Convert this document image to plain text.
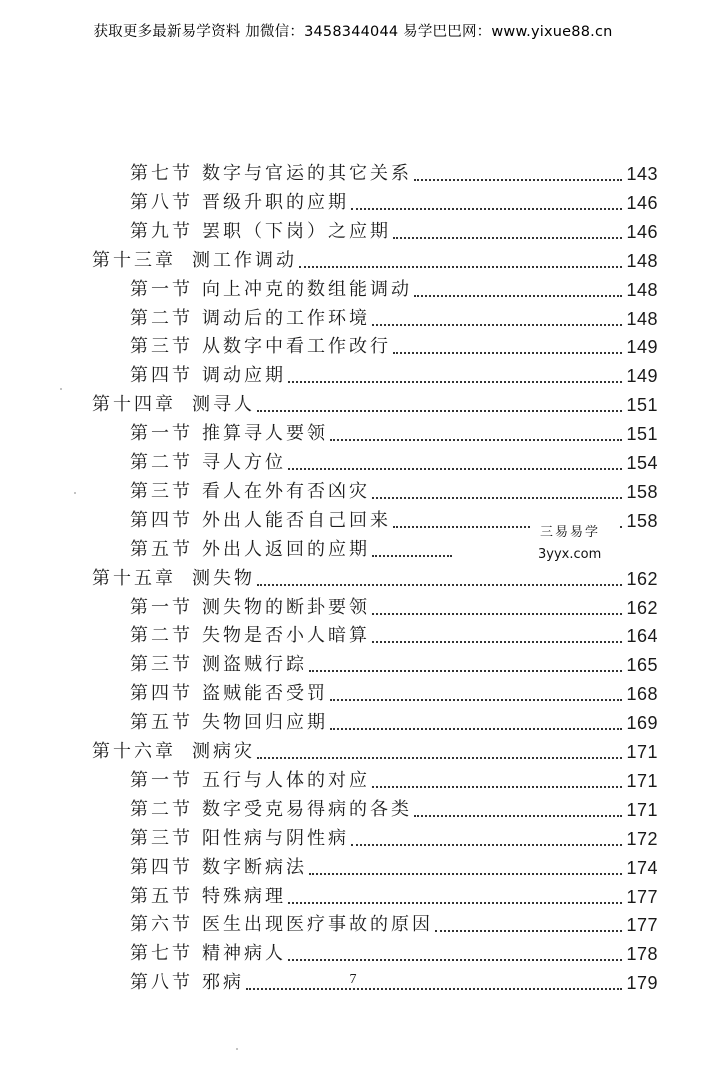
获取更多最新易学资料 加微信：3458344044 易学巴巴网：www.yixue88.cn
第七节 数字与官运的其它关系	143
第八节 晋级升职的应期	146
第九节 罢职（下岗）之应期	146
第十三章 测工作调动	148
第一节 向上冲克的数组能调动	148
第二节 调动后的工作环境	148
第三节 从数字中看工作改行	149
第四节 调动应期	149
第十四章 测寻人	151
第一节 推算寻人要领	151
第二节 寻人方位	154
第三节 看人在外有否凶灾	158
第四节 外出人能否自己回来	158
第五节 外出人返回的应期
第十五章 测失物	162
第一节 测失物的断卦要领	162
第二节 失物是否小人暗算	164
第三节 测盗贼行踪	165
第四节 盗贼能否受罚	168
第五节 失物回归应期	169
第十六章 测病灾	171
第一节 五行与人体的对应	171
第二节 数字受克易得病的各类	171
第三节 阳性病与阴性病	172
第四节 数字断病法	174
第五节 特殊病理	177
第六节 医生出现医疗事故的原因	177
第七节 精神病人	178
第八节 邪病	179
三易易学
3yyx.com
7
